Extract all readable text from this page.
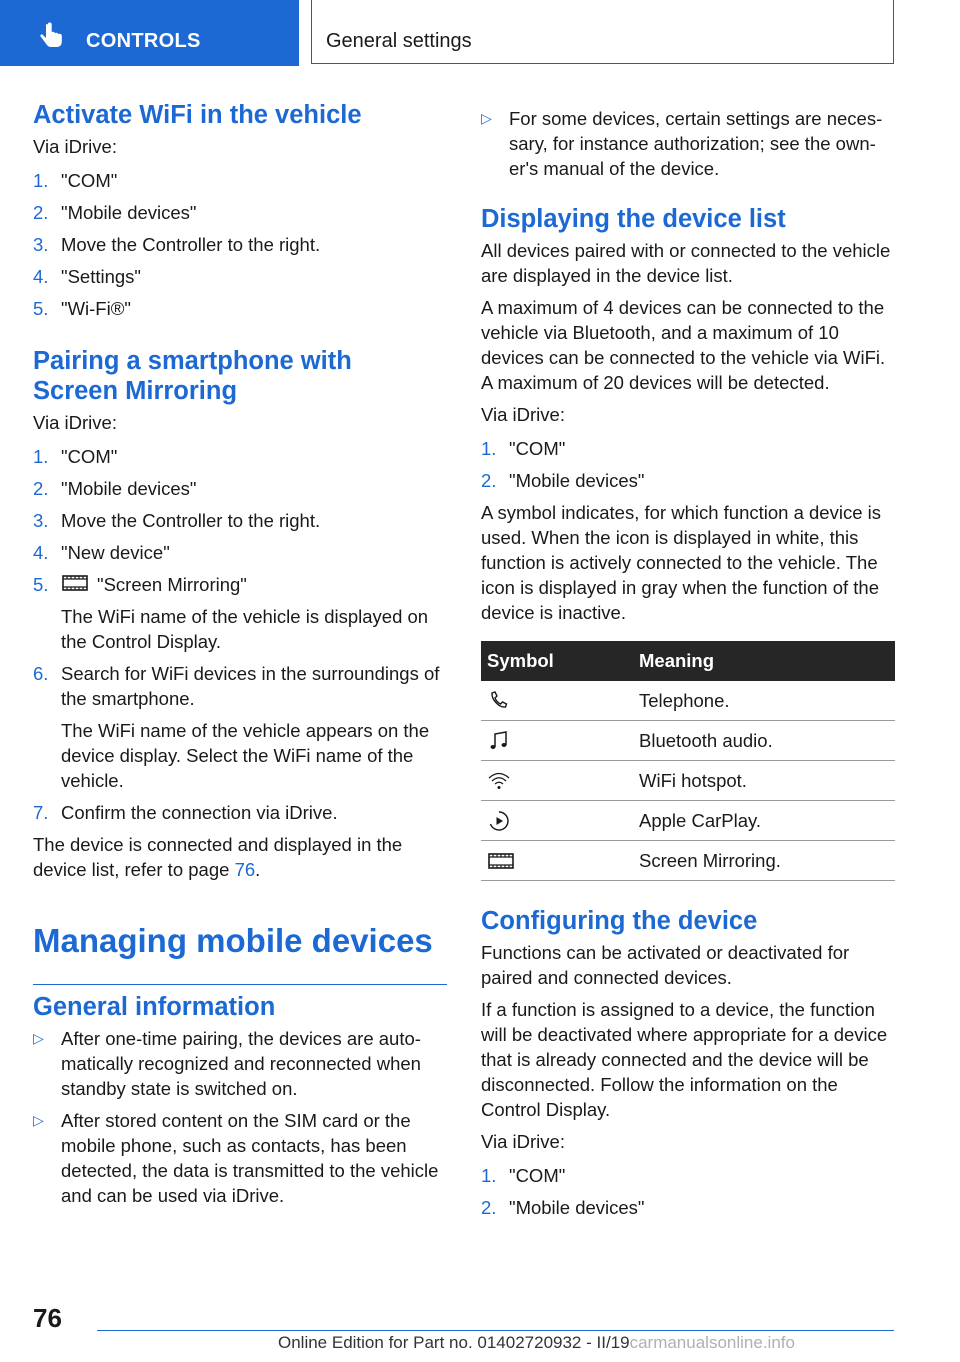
CONTROLS	General settings
Activate WiFi in the vehicle

Via iDrive:

1. "COM"
2. "Mobile devices"
3. Move the Controller to the right.
4. "Settings"
5. "Wi-Fi®"
Pairing a smartphone with
Screen Mirroring

Via iDrive:

1. "COM"
2. "Mobile devices"
3. Move the Controller to the right.
4. "New device"
5.	"Screen Mirroring"
The WiFi name of the vehicle is displayed on the Control Display.
6. Search for WiFi devices in the surroundings of the smartphone.
The WiFi name of the vehicle appears on the device display. Select the WiFi name of the vehicle.
7. Confirm the connection via iDrive.

The device is connected and displayed in the device list, refer to page 76.

Managing mobile devices
General information
▷ After one-time pairing, the devices are automatically recognized and reconnected when standby state is switched on.
▷ After stored content on the SIM card or the mobile phone, such as contacts, has been detected, the data is transmitted to the vehicle and can be used via iDrive.
▷ For some devices, certain settings are necessary, for instance authorization; see the owner's manual of the device.
Displaying the device list

All devices paired with or connected to the vehicle are displayed in the device list.

A maximum of 4 devices can be connected to the vehicle via Bluetooth, and a maximum of 10 devices can be connected to the vehicle via WiFi. A maximum of 20 devices will be detected.

Via iDrive:

1. "COM"
2. "Mobile devices"

A symbol indicates, for which function a device is used. When the icon is displayed in white, this function is actively connected to the vehicle. The icon is displayed in gray when the function of the device is inactive.

Symbol	Meaning
	Telephone.
	Bluetooth audio.
	WiFi hotspot.
	Apple CarPlay.
	Screen Mirroring.
Configuring the device

Functions can be activated or deactivated for paired and connected devices.

If a function is assigned to a device, the function will be deactivated where appropriate for a device that is already connected and the device will be disconnected. Follow the information on the Control Display.

Via iDrive:

1. "COM"
2. "Mobile devices"
76
Online Edition for Part no. 01402720932 - II/19carmanualsonline.info
